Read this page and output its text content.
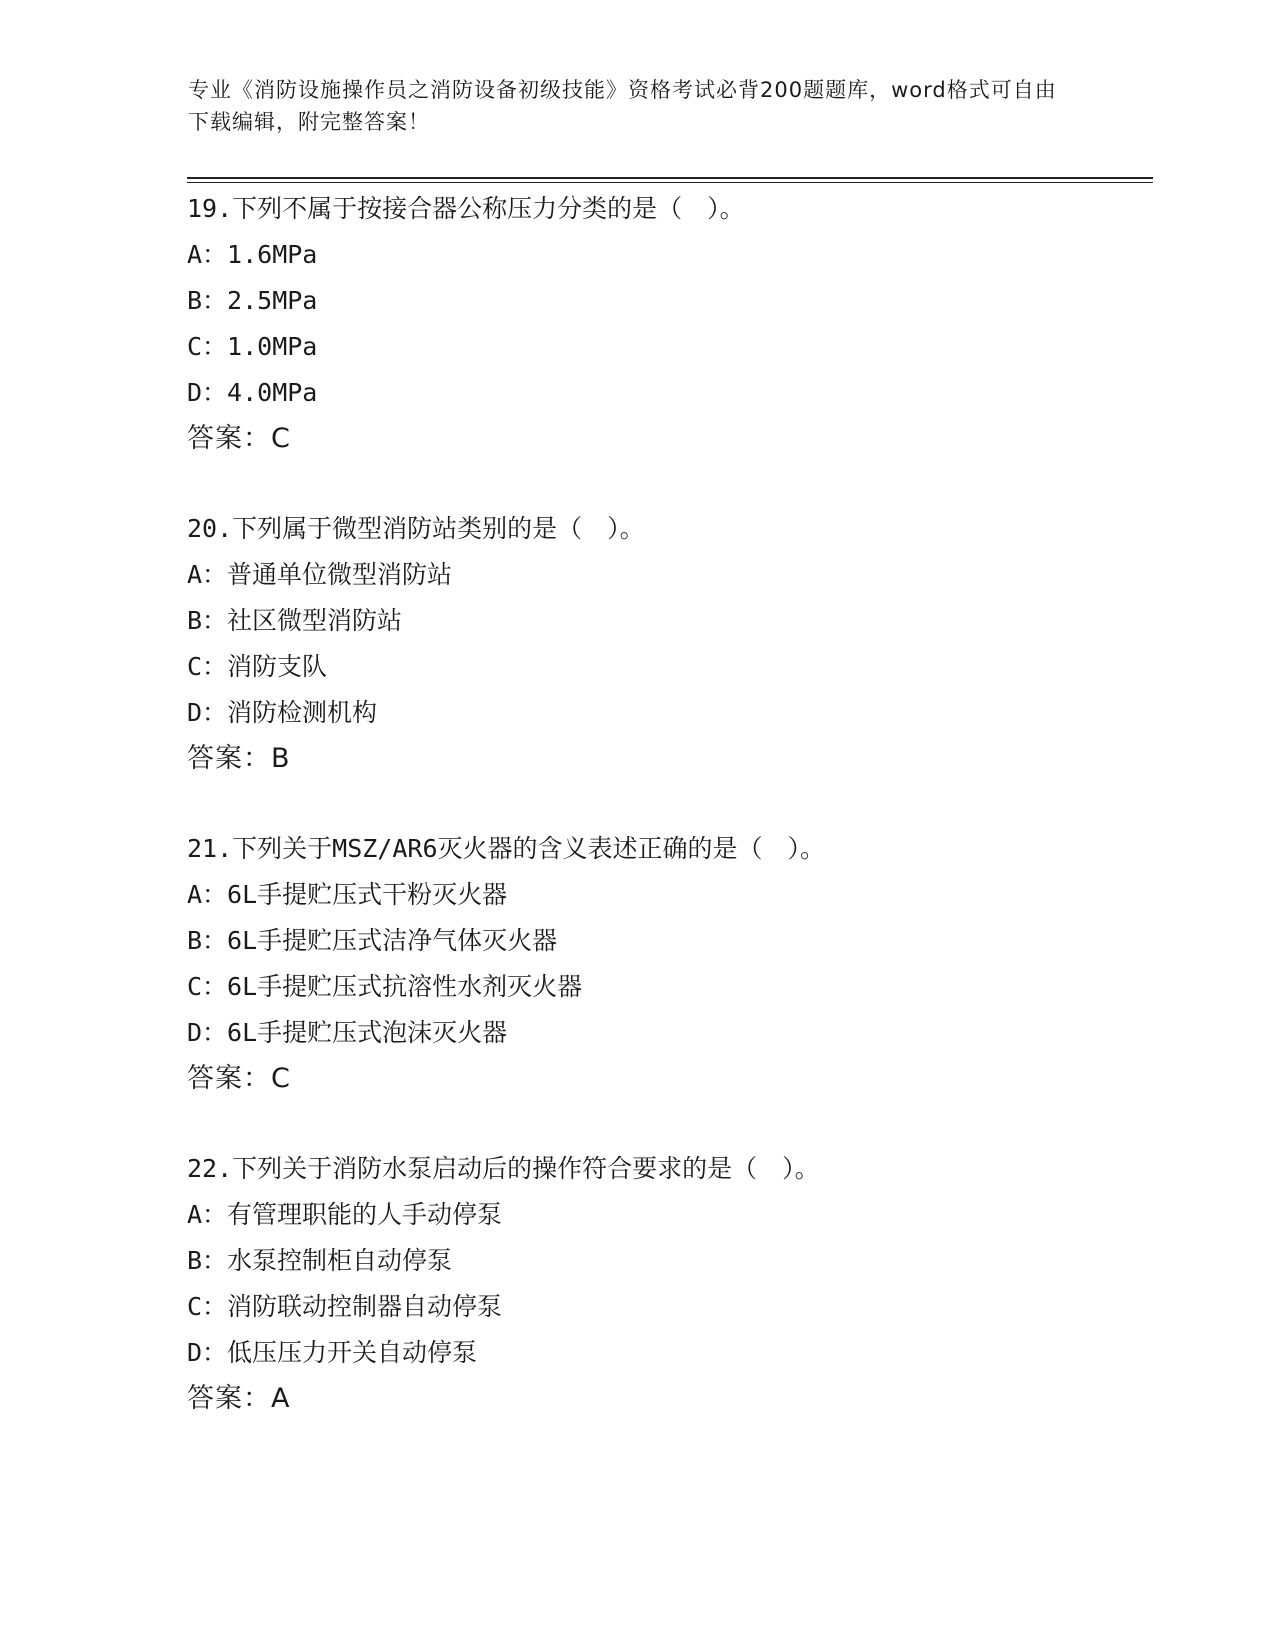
专业《消防设施操作员之消防设备初级技能》资格考试必背200题题库，word格式可自由下载编辑，附完整答案！
19.下列不属于按接合器公称压力分类的是（　）。
A：1.6MPa
B：2.5MPa
C：1.0MPa
D：4.0MPa
答案：C
20.下列属于微型消防站类别的是（　）。
A：普通单位微型消防站
B：社区微型消防站
C：消防支队
D：消防检测机构
答案：B
21.下列关于MSZ/AR6灭火器的含义表述正确的是（　）。
A：6L手提贮压式干粉灭火器
B：6L手提贮压式洁净气体灭火器
C：6L手提贮压式抗溶性水剂灭火器
D：6L手提贮压式泡沫灭火器
答案：C
22.下列关于消防水泵启动后的操作符合要求的是（　）。
A：有管理职能的人手动停泵
B：水泵控制柜自动停泵
C：消防联动控制器自动停泵
D：低压压力开关自动停泵
答案：A
